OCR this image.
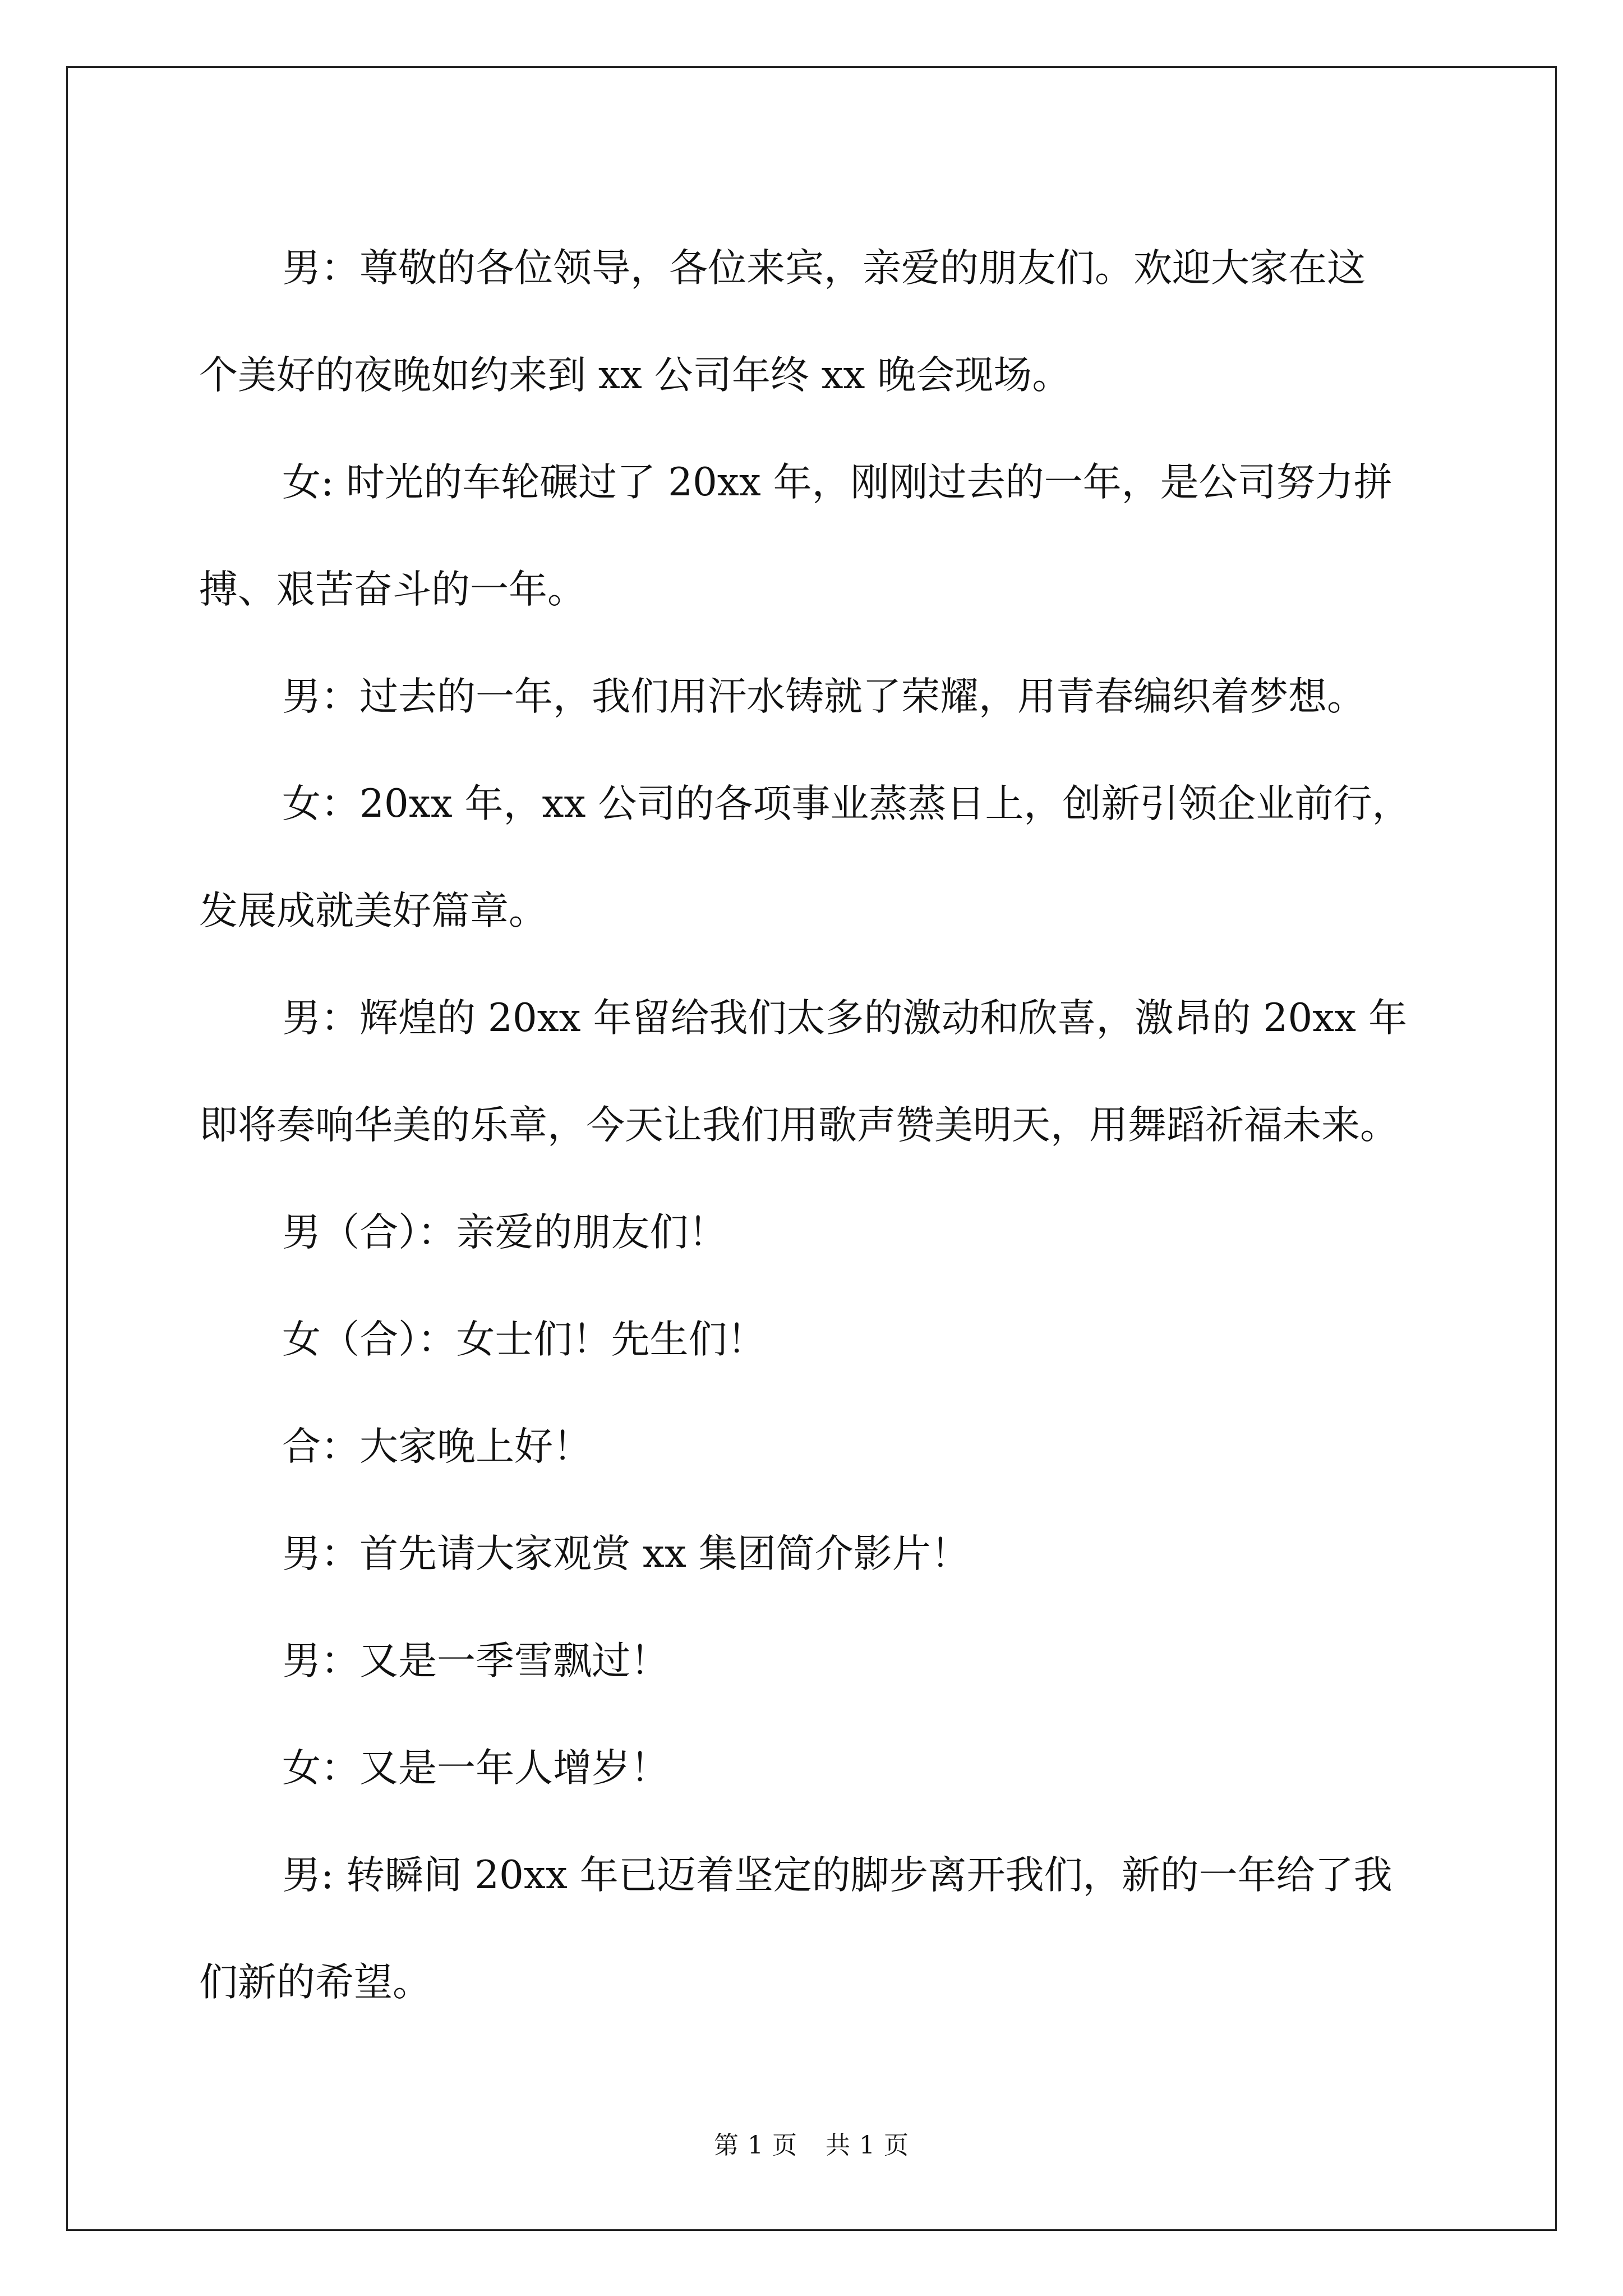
男：尊敬的各位领导，各位来宾，亲爱的朋友们。欢迎大家在这
个美好的夜晚如约来到 xx 公司年终 xx 晚会现场。

女: 时光的车轮碾过了 20xx 年，刚刚过去的一年，是公司努力拼
搏、艰苦奋斗的一年。

男：过去的一年，我们用汗水铸就了荣耀，用青春编织着梦想。

女：20xx 年，xx 公司的各项事业蒸蒸日上，创新引领企业前行，
发展成就美好篇章。

男：辉煌的 20xx 年留给我们太多的激动和欣喜，激昂的 20xx 年
即将奏响华美的乐章，今天让我们用歌声赞美明天，用舞蹈祈福未来。

男（合）：亲爱的朋友们！

女（合）：女士们！先生们！

合：大家晚上好！

男：首先请大家观赏 xx 集团简介影片！

男：又是一季雪飘过！

女：又是一年人增岁！

男: 转瞬间 20xx 年已迈着坚定的脚步离开我们，新的一年给了我
们新的希望。

第 1 页 共 1 页
